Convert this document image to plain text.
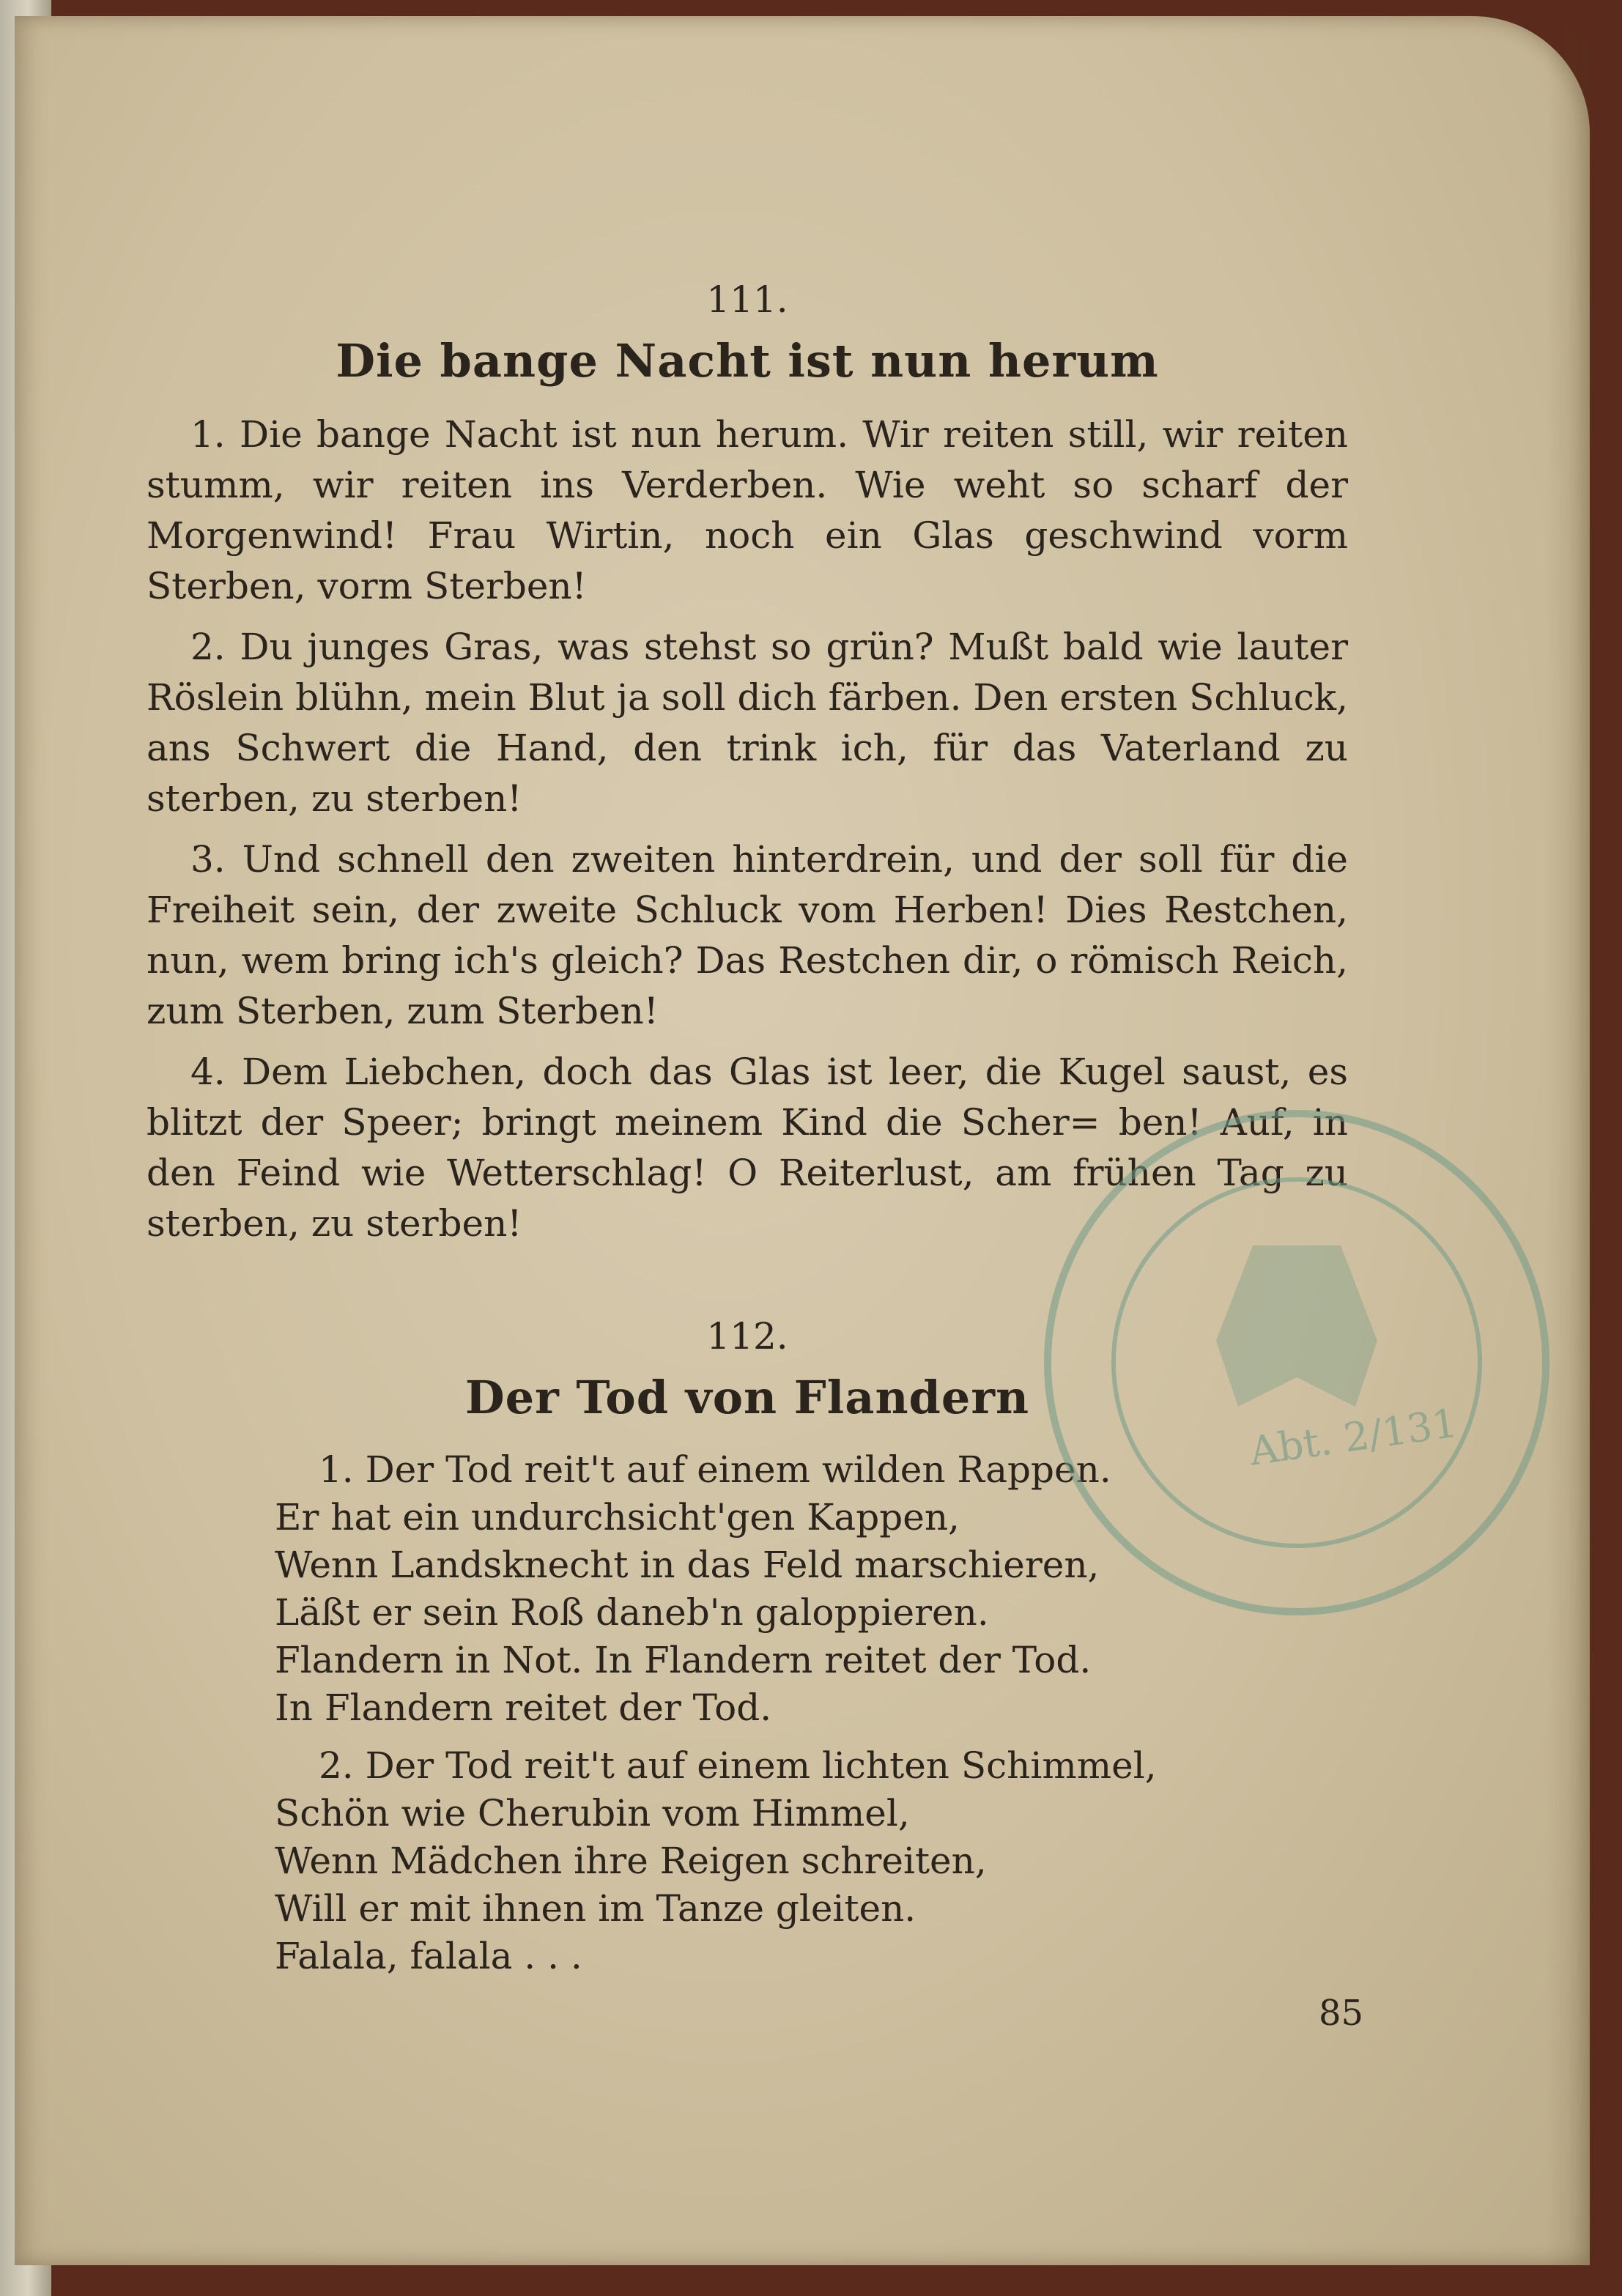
111.
Die bange Nacht ist nun herum

1. Die bange Nacht ist nun herum. Wir reiten still, wir reiten stumm, wir reiten ins Verderben. Wie weht so scharf der Morgenwind! Frau Wirtin, noch ein Glas geschwind vorm Sterben, vorm Sterben!

2. Du junges Gras, was stehst so grün? Mußt bald wie lauter Röslein blühn, mein Blut ja soll dich färben. Den ersten Schluck, ans Schwert die Hand, den trink ich, für das Vaterland zu sterben, zu sterben!

3. Und schnell den zweiten hinterdrein, und der soll für die Freiheit sein, der zweite Schluck vom Herben! Dies Restchen, nun, wem bring ich's gleich? Das Restchen dir, o römisch Reich, zum Sterben, zum Sterben!

4. Dem Liebchen, doch das Glas ist leer, die Kugel saust, es blitzt der Speer; bringt meinem Kind die Scher= ben! Auf, in den Feind wie Wetterschlag! O Reiterlust, am frühen Tag zu sterben, zu sterben!

112.
Der Tod von Flandern
1. Der Tod reit't auf einem wilden Rappen.
Er hat ein undurchsicht'gen Kappen,
Wenn Landsknecht in das Feld marschieren,
Läßt er sein Roß daneb'n galoppieren.
Flandern in Not. In Flandern reitet der Tod.
In Flandern reitet der Tod.
2. Der Tod reit't auf einem lichten Schimmel,
Schön wie Cherubin vom Himmel,
Wenn Mädchen ihre Reigen schreiten,
Will er mit ihnen im Tanze gleiten.
Falala, falala . . .
Abt. 2/131
85
